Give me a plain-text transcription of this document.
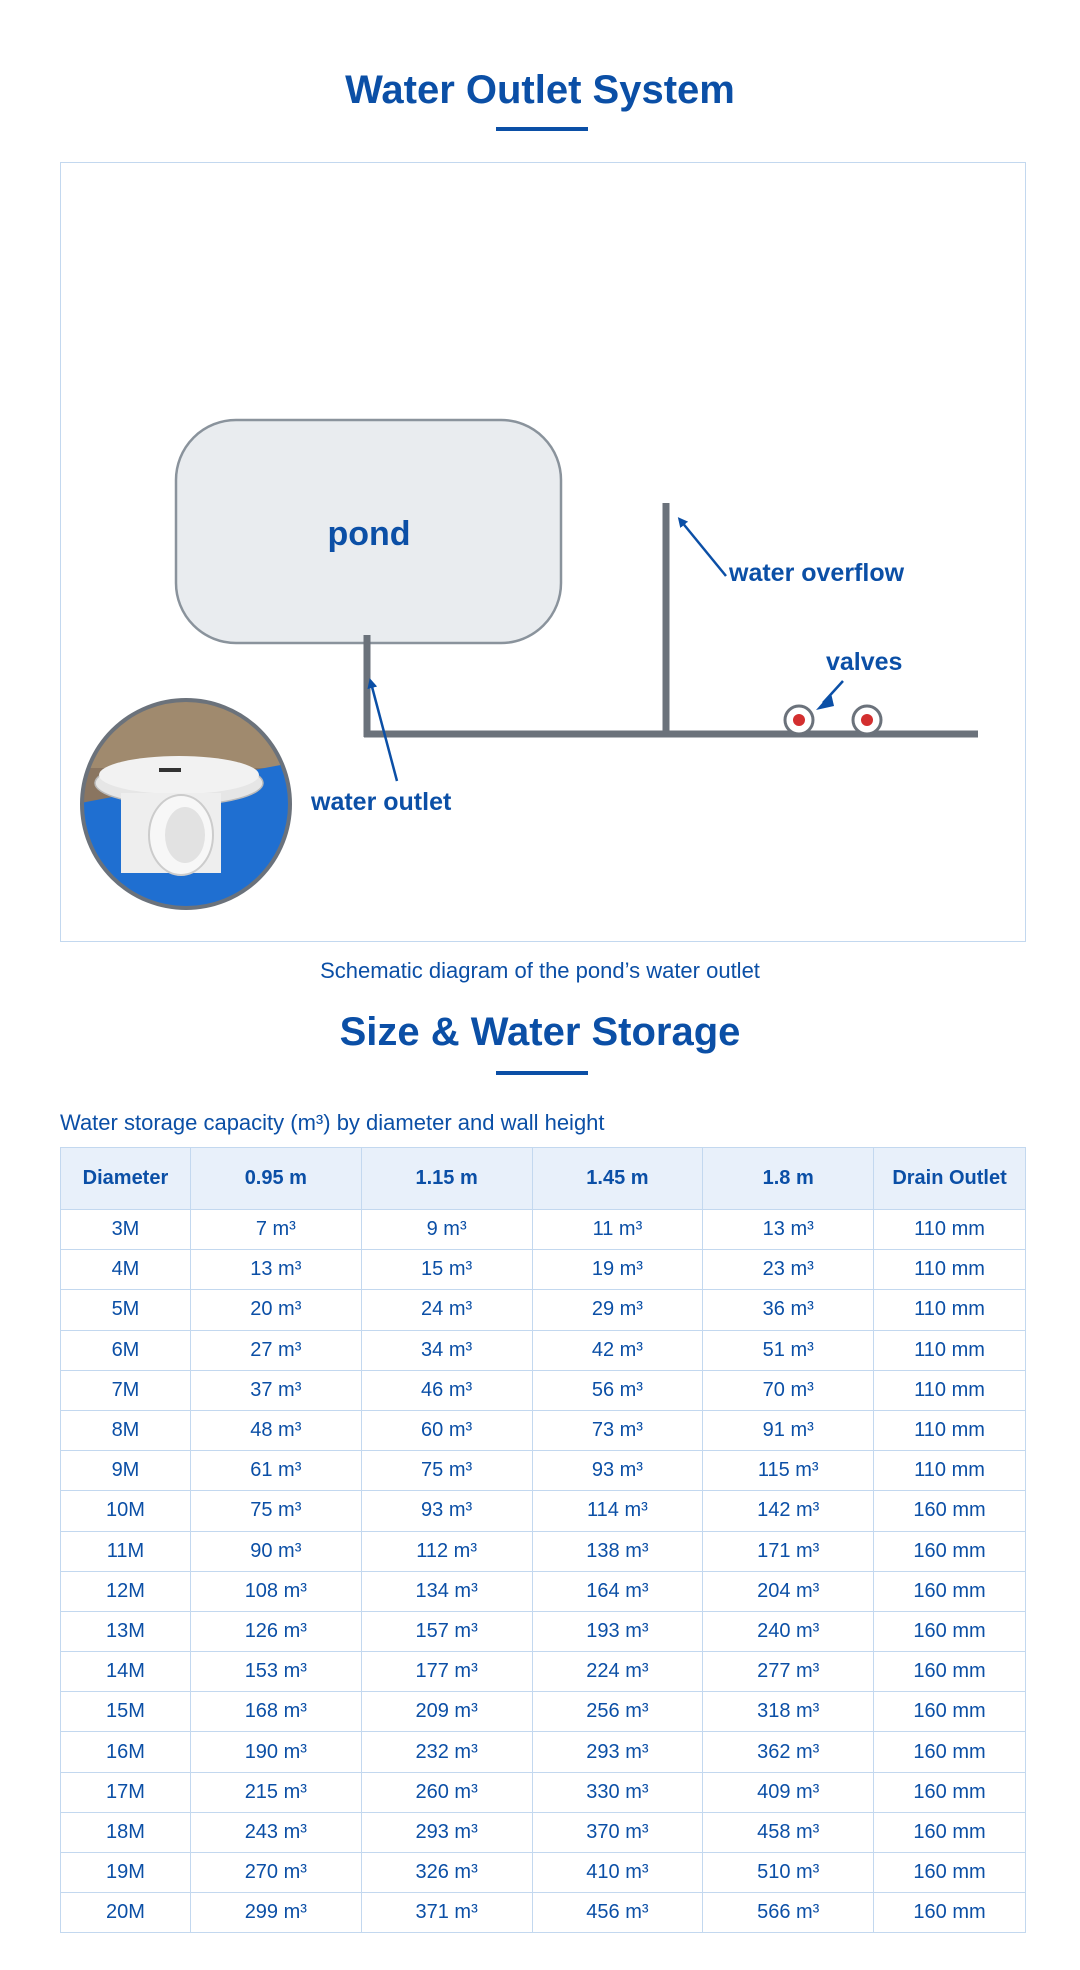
Water Outlet System
pond
water overflow
valves
water outlet
Schematic diagram of the pond’s water outlet
Size & Water Storage
Water storage capacity (m³) by diameter and wall height
Diameter	0.95 m	1.15 m	1.45 m	1.8 m	Drain Outlet
3M	7 m³	9 m³	11 m³	13 m³	110 mm
4M	13 m³	15 m³	19 m³	23 m³	110 mm
5M	20 m³	24 m³	29 m³	36 m³	110 mm
6M	27 m³	34 m³	42 m³	51 m³	110 mm
7M	37 m³	46 m³	56 m³	70 m³	110 mm
8M	48 m³	60 m³	73 m³	91 m³	110 mm
9M	61 m³	75 m³	93 m³	115 m³	110 mm
10M	75 m³	93 m³	114 m³	142 m³	160 mm
11M	90 m³	112 m³	138 m³	171 m³	160 mm
12M	108 m³	134 m³	164 m³	204 m³	160 mm
13M	126 m³	157 m³	193 m³	240 m³	160 mm
14M	153 m³	177 m³	224 m³	277 m³	160 mm
15M	168 m³	209 m³	256 m³	318 m³	160 mm
16M	190 m³	232 m³	293 m³	362 m³	160 mm
17M	215 m³	260 m³	330 m³	409 m³	160 mm
18M	243 m³	293 m³	370 m³	458 m³	160 mm
19M	270 m³	326 m³	410 m³	510 m³	160 mm
20M	299 m³	371 m³	456 m³	566 m³	160 mm
